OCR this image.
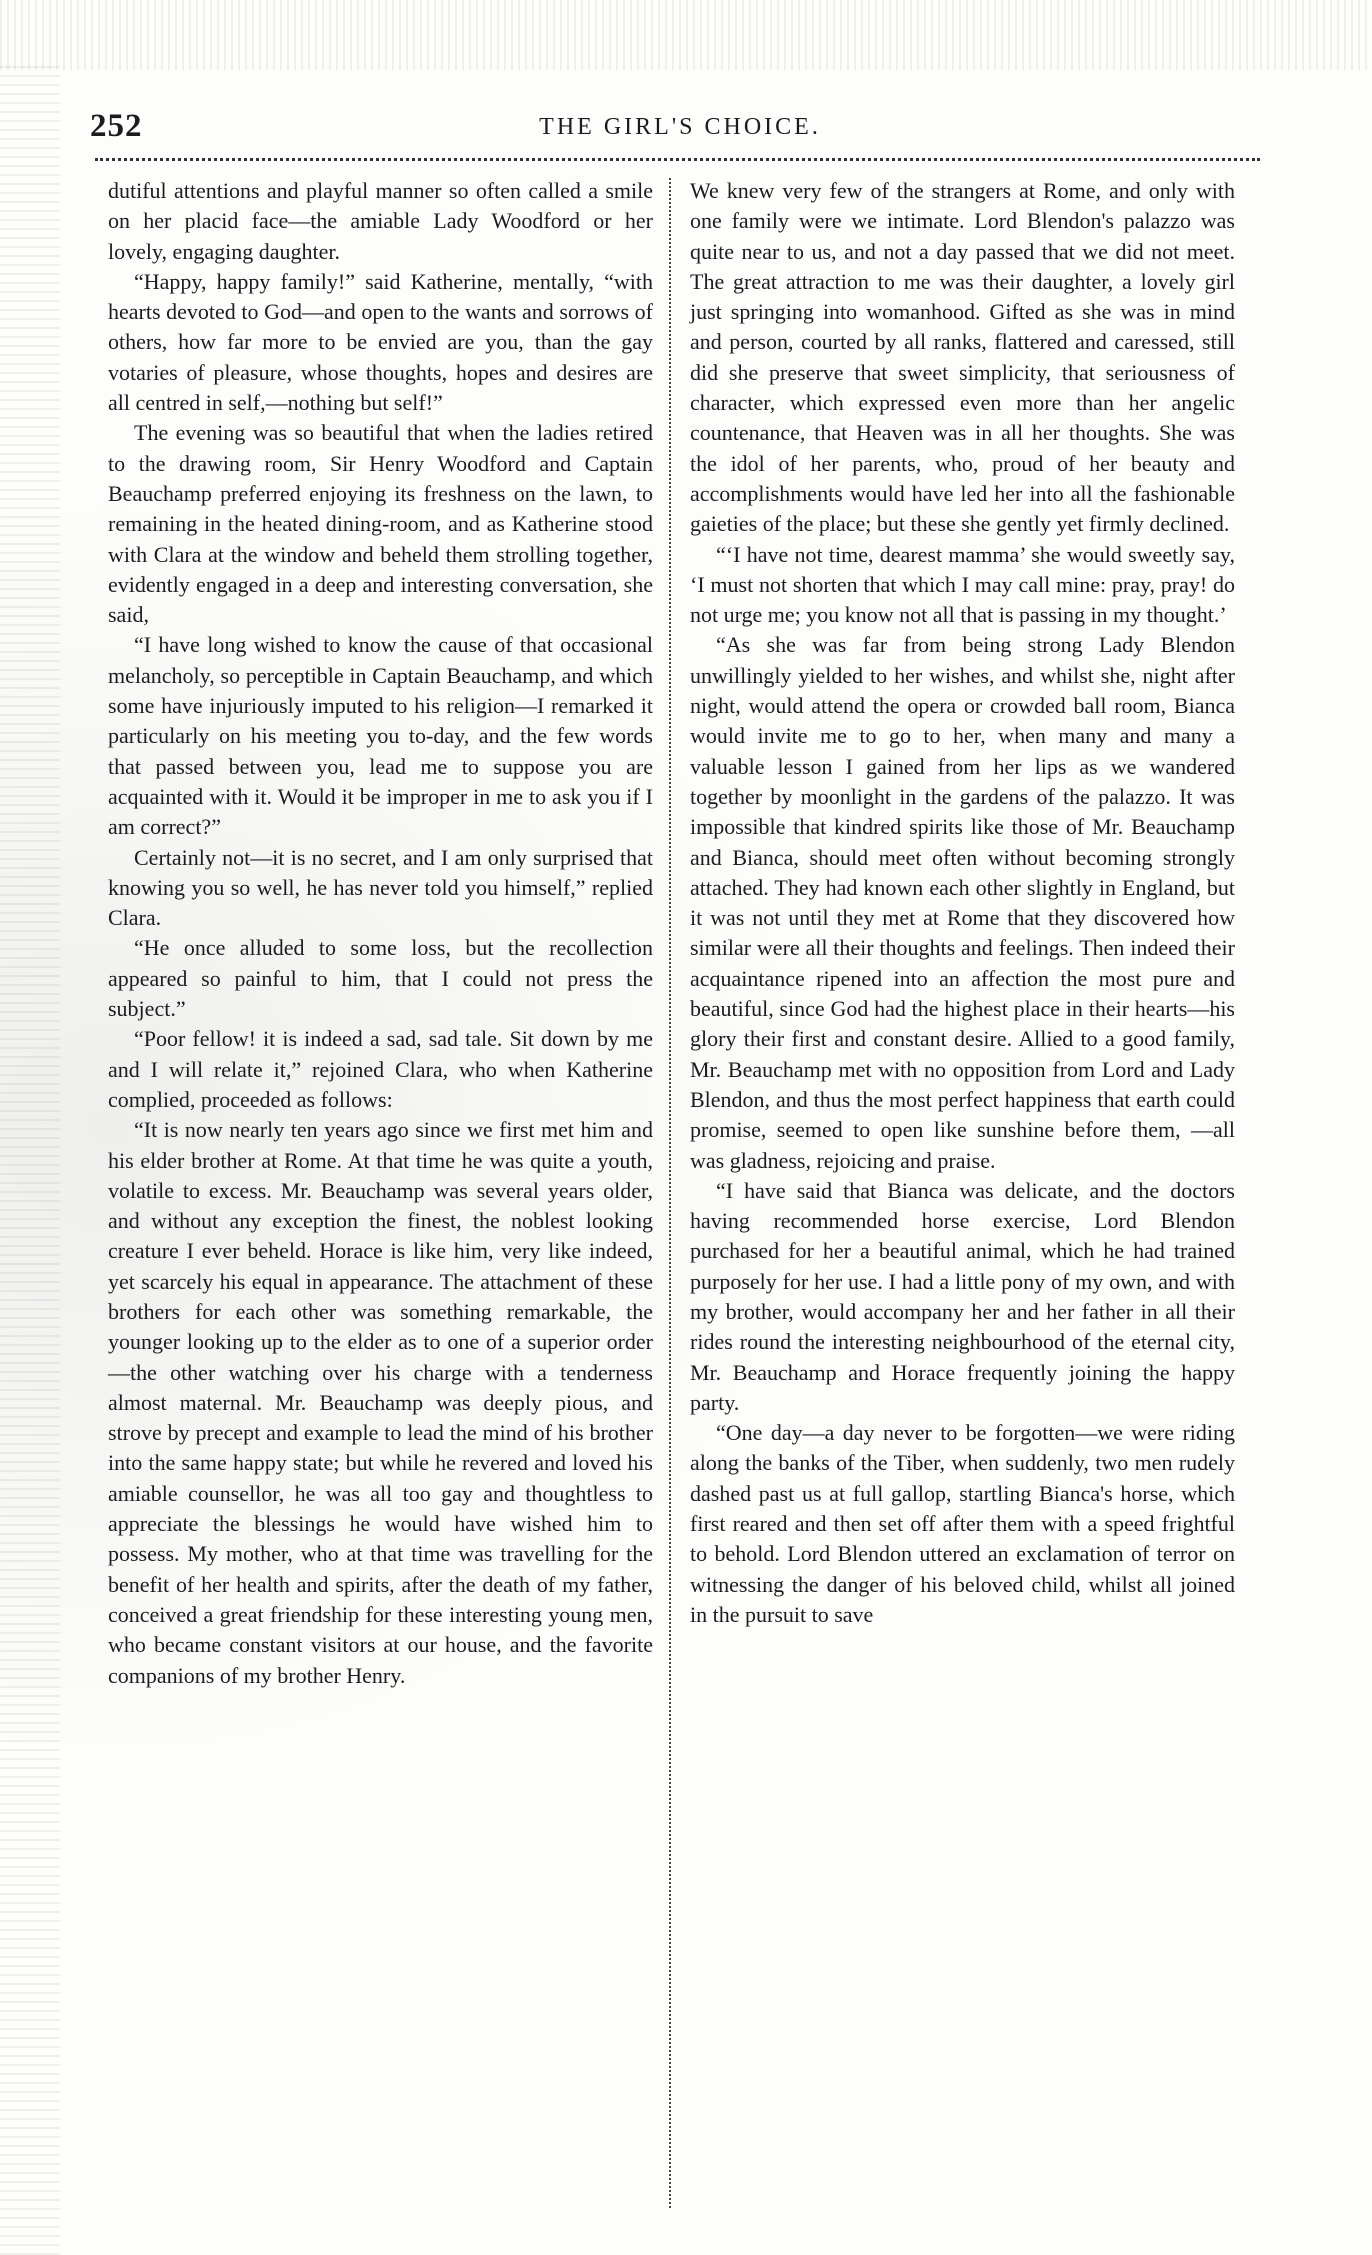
252	THE GIRL'S CHOICE.

dutiful attentions and playful manner so often called a smile on her placid face—the amiable Lady Woodford or her lovely, engaging daughter.

“Happy, happy family!” said Katherine, mentally, “with hearts devoted to God—and open to the wants and sorrows of others, how far more to be envied are you, than the gay votaries of pleasure, whose thoughts, hopes and desires are all centred in self,—nothing but self!”

The evening was so beautiful that when the ladies retired to the drawing room, Sir Henry Woodford and Captain Beauchamp preferred enjoying its freshness on the lawn, to remaining in the heated dining-room, and as Katherine stood with Clara at the window and beheld them strolling together, evidently engaged in a deep and interesting conversation, she said,

“I have long wished to know the cause of that occasional melancholy, so perceptible in Captain Beauchamp, and which some have injuriously imputed to his religion—I remarked it particularly on his meeting you to-day, and the few words that passed between you, lead me to suppose you are acquainted with it. Would it be improper in me to ask you if I am correct?”

Certainly not—it is no secret, and I am only surprised that knowing you so well, he has never told you himself,” replied Clara.

“He once alluded to some loss, but the recollection appeared so painful to him, that I could not press the subject.”

“Poor fellow! it is indeed a sad, sad tale. Sit down by me and I will relate it,” rejoined Clara, who when Katherine complied, proceeded as follows:

“It is now nearly ten years ago since we first met him and his elder brother at Rome. At that time he was quite a youth, volatile to excess. Mr. Beauchamp was several years older, and without any exception the finest, the noblest looking creature I ever beheld. Horace is like him, very like indeed, yet scarcely his equal in appearance. The attachment of these brothers for each other was something remarkable, the younger looking up to the elder as to one of a superior order—the other watching over his charge with a tenderness almost maternal. Mr. Beauchamp was deeply pious, and strove by precept and example to lead the mind of his brother into the same happy state; but while he revered and loved his amiable counsellor, he was all too gay and thoughtless to appreciate the blessings he would have wished him to possess. My mother, who at that time was travelling for the benefit of her health and spirits, after the death of my father, conceived a great friendship for these interesting young men, who became constant visitors at our house, and the favorite companions of my brother Henry.

We knew very few of the strangers at Rome, and only with one family were we intimate. Lord Blendon's palazzo was quite near to us, and not a day passed that we did not meet. The great attraction to me was their daughter, a lovely girl just springing into womanhood. Gifted as she was in mind and person, courted by all ranks, flattered and caressed, still did she preserve that sweet simplicity, that seriousness of character, which expressed even more than her angelic countenance, that Heaven was in all her thoughts. She was the idol of her parents, who, proud of her beauty and accomplishments would have led her into all the fashionable gaieties of the place; but these she gently yet firmly declined.

“‘I have not time, dearest mamma’ she would sweetly say, ‘I must not shorten that which I may call mine: pray, pray! do not urge me; you know not all that is passing in my thought.’

“As she was far from being strong Lady Blendon unwillingly yielded to her wishes, and whilst she, night after night, would attend the opera or crowded ball room, Bianca would invite me to go to her, when many and many a valuable lesson I gained from her lips as we wandered together by moonlight in the gardens of the palazzo. It was impossible that kindred spirits like those of Mr. Beauchamp and Bianca, should meet often without becoming strongly attached. They had known each other slightly in England, but it was not until they met at Rome that they discovered how similar were all their thoughts and feelings. Then indeed their acquaintance ripened into an affection the most pure and beautiful, since God had the highest place in their hearts—his glory their first and constant desire. Allied to a good family, Mr. Beauchamp met with no opposition from Lord and Lady Blendon, and thus the most perfect happiness that earth could promise, seemed to open like sunshine before them, —all was gladness, rejoicing and praise.

“I have said that Bianca was delicate, and the doctors having recommended horse exercise, Lord Blendon purchased for her a beautiful animal, which he had trained purposely for her use. I had a little pony of my own, and with my brother, would accompany her and her father in all their rides round the interesting neighbourhood of the eternal city, Mr. Beauchamp and Horace frequently joining the happy party.

“One day—a day never to be forgotten—we were riding along the banks of the Tiber, when suddenly, two men rudely dashed past us at full gallop, startling Bianca's horse, which first reared and then set off after them with a speed frightful to behold. Lord Blendon uttered an exclamation of terror on witnessing the danger of his beloved child, whilst all joined in the pursuit to save
